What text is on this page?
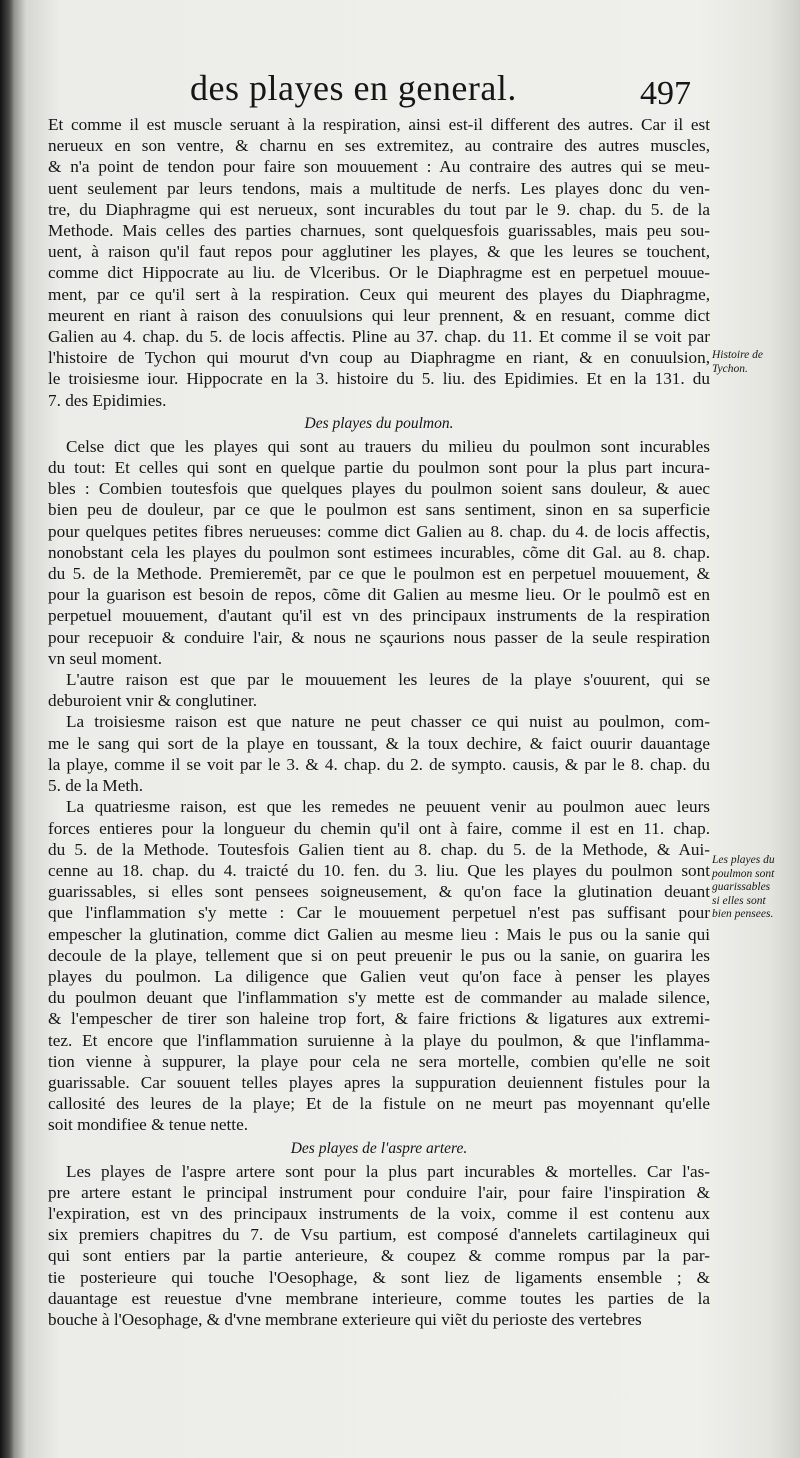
des playes en general.	497
Et comme il est muscle seruant à la respiration, ainsi est-il different des autres. Car il est
nerueux en son ventre, & charnu en ses extremitez, au contraire des autres muscles,
& n'a point de tendon pour faire son mouuement : Au contraire des autres qui se meu-
uent seulement par leurs tendons, mais a multitude de nerfs. Les playes donc du ven-
tre, du Diaphragme qui est nerueux, sont incurables du tout par le 9. chap. du 5. de la
Methode. Mais celles des parties charnues, sont quelquesfois guarissables, mais peu sou-
uent, à raison qu'il faut repos pour agglutiner les playes, & que les leures se touchent,
comme dict Hippocrate au liu. de Vlceribus. Or le Diaphragme est en perpetuel mouue-
ment, par ce qu'il sert à la respiration. Ceux qui meurent des playes du Diaphragme,
meurent en riant à raison des conuulsions qui leur prennent, & en resuant, comme dict
Galien au 4. chap. du 5. de locis affectis. Pline au 37. chap. du 11. Et comme il se voit par
l'histoire de Tychon qui mourut d'vn coup au Diaphragme en riant, & en conuulsion,
le troisiesme iour. Hippocrate en la 3. histoire du 5. liu. des Epidimies. Et en la 131. du
7. des Epidimies.
Des playes du poulmon.
Celse dict que les playes qui sont au trauers du milieu du poulmon sont incurables
du tout: Et celles qui sont en quelque partie du poulmon sont pour la plus part incura-
bles : Combien toutesfois que quelques playes du poulmon soient sans douleur, & auec
bien peu de douleur, par ce que le poulmon est sans sentiment, sinon en sa superficie
pour quelques petites fibres nerueuses: comme dict Galien au 8. chap. du 4. de locis affectis,
nonobstant cela les playes du poulmon sont estimees incurables, cõme dit Gal. au 8. chap.
du 5. de la Methode. Premieremẽt, par ce que le poulmon est en perpetuel mouuement, &
pour la guarison est besoin de repos, cõme dit Galien au mesme lieu. Or le poulmõ est en
perpetuel mouuement, d'autant qu'il est vn des principaux instruments de la respiration
pour recepuoir & conduire l'air, & nous ne sçaurions nous passer de la seule respiration
vn seul moment.
L'autre raison est que par le mouuement les leures de la playe s'ouurent, qui se
deburoient vnir & conglutiner.
La troisiesme raison est que nature ne peut chasser ce qui nuist au poulmon, com-
me le sang qui sort de la playe en toussant, & la toux dechire, & faict ouurir dauantage
la playe, comme il se voit par le 3. & 4. chap. du 2. de sympto. causis, & par le 8. chap. du
5. de la Meth.
La quatriesme raison, est que les remedes ne peuuent venir au poulmon auec leurs
forces entieres pour la longueur du chemin qu'il ont à faire, comme il est en 11. chap.
du 5. de la Methode. Toutesfois Galien tient au 8. chap. du 5. de la Methode, & Aui-
cenne au 18. chap. du 4. traicté du 10. fen. du 3. liu. Que les playes du poulmon sont
guarissables, si elles sont pensees soigneusement, & qu'on face la glutination deuant
que l'inflammation s'y mette : Car le mouuement perpetuel n'est pas suffisant pour
empescher la glutination, comme dict Galien au mesme lieu : Mais le pus ou la sanie qui
decoule de la playe, tellement que si on peut preuenir le pus ou la sanie, on guarira les
playes du poulmon. La diligence que Galien veut qu'on face à penser les playes
du poulmon deuant que l'inflammation s'y mette est de commander au malade silence,
& l'empescher de tirer son haleine trop fort, & faire frictions & ligatures aux extremi-
tez. Et encore que l'inflammation suruienne à la playe du poulmon, & que l'inflamma-
tion vienne à suppurer, la playe pour cela ne sera mortelle, combien qu'elle ne soit
guarissable. Car souuent telles playes apres la suppuration deuiennent fistules pour la
callosité des leures de la playe; Et de la fistule on ne meurt pas moyennant qu'elle
soit mondifiee & tenue nette.
Des playes de l'aspre artere.
Les playes de l'aspre artere sont pour la plus part incurables & mortelles. Car l'as-
pre artere estant le principal instrument pour conduire l'air, pour faire l'inspiration &
l'expiration, est vn des principaux instruments de la voix, comme il est contenu aux
six premiers chapitres du 7. de Vsu partium, est composé d'annelets cartilagineux qui
qui sont entiers par la partie anterieure, & coupez & comme rompus par la par-
tie posterieure qui touche l'Oesophage, & sont liez de ligaments ensemble ; &
dauantage est reuestue d'vne membrane interieure, comme toutes les parties de la
bouche à l'Oesophage, & d'vne membrane exterieure qui viẽt du perioste des vertebres
Histoire de
Tychon.
Les playes du
poulmon sont
guarissables
si elles sont
bien pensees.
